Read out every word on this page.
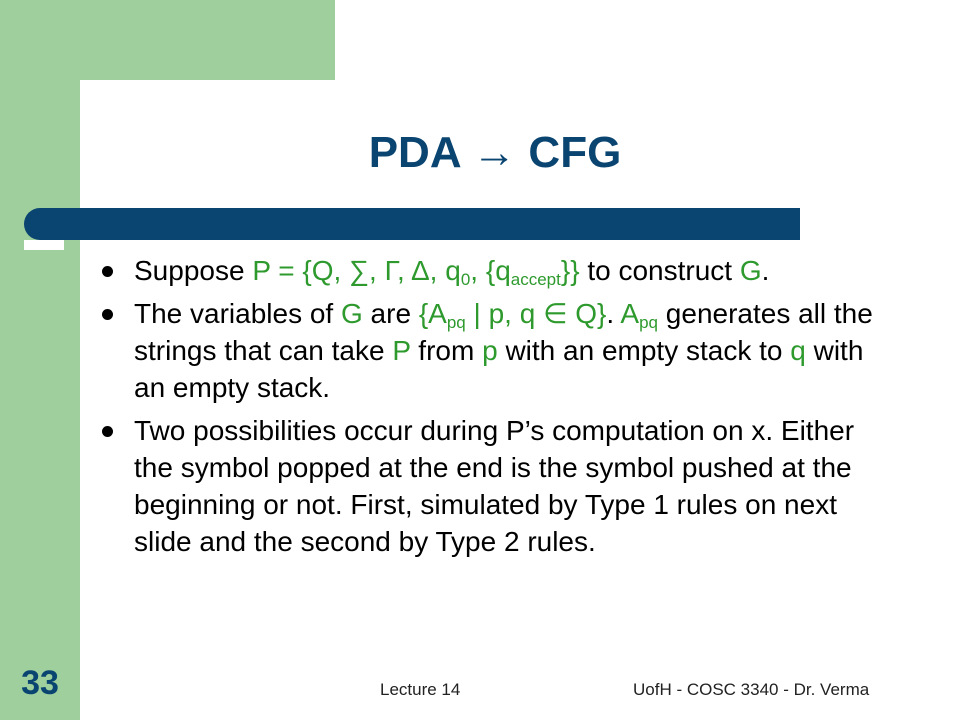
PDA → CFG
Suppose P = {Q, ∑, Γ, Δ, $q_0$, $\{q_{accept}\}$} to construct G.
The variables of G are {$A_{pq}$ | p, q ∈ Q}. $A_{pq}$ generates all the strings that can take P from p with an empty stack to q with an empty stack.
Two possibilities occur during P’s computation on x. Either the symbol popped at the end is the symbol pushed at the beginning or not. First, simulated by Type 1 rules on next slide and the second by Type 2 rules.
33	Lecture 14	UofH - COSC 3340 - Dr. Verma
